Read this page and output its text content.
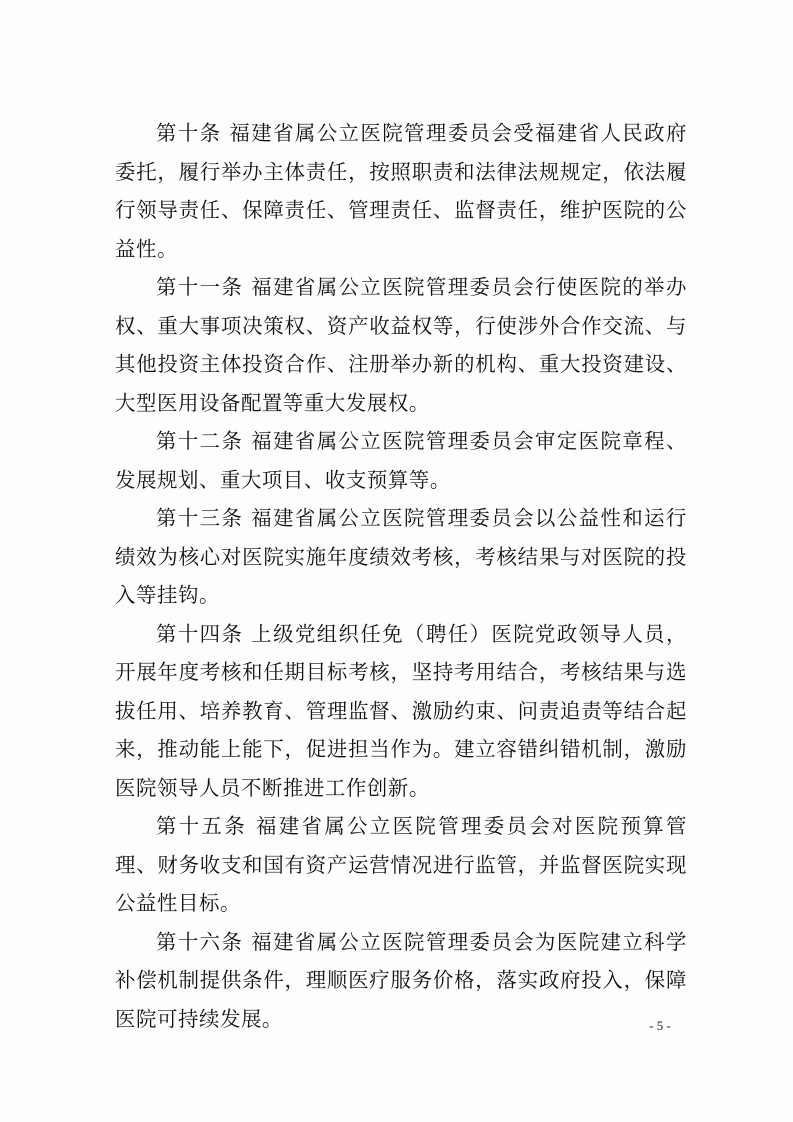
第十条 福建省属公立医院管理委员会受福建省人民政府委托，履行举办主体责任，按照职责和法律法规规定，依法履行领导责任、保障责任、管理责任、监督责任，维护医院的公益性。

第十一条 福建省属公立医院管理委员会行使医院的举办权、重大事项决策权、资产收益权等，行使涉外合作交流、与其他投资主体投资合作、注册举办新的机构、重大投资建设、大型医用设备配置等重大发展权。

第十二条 福建省属公立医院管理委员会审定医院章程、发展规划、重大项目、收支预算等。

第十三条 福建省属公立医院管理委员会以公益性和运行绩效为核心对医院实施年度绩效考核，考核结果与对医院的投入等挂钩。

第十四条 上级党组织任免（聘任）医院党政领导人员，开展年度考核和任期目标考核，坚持考用结合，考核结果与选拔任用、培养教育、管理监督、激励约束、问责追责等结合起来，推动能上能下，促进担当作为。建立容错纠错机制，激励医院领导人员不断推进工作创新。

第十五条 福建省属公立医院管理委员会对医院预算管理、财务收支和国有资产运营情况进行监管，并监督医院实现公益性目标。

第十六条 福建省属公立医院管理委员会为医院建立科学补偿机制提供条件，理顺医疗服务价格，落实政府投入，保障医院可持续发展。	- 5 -
